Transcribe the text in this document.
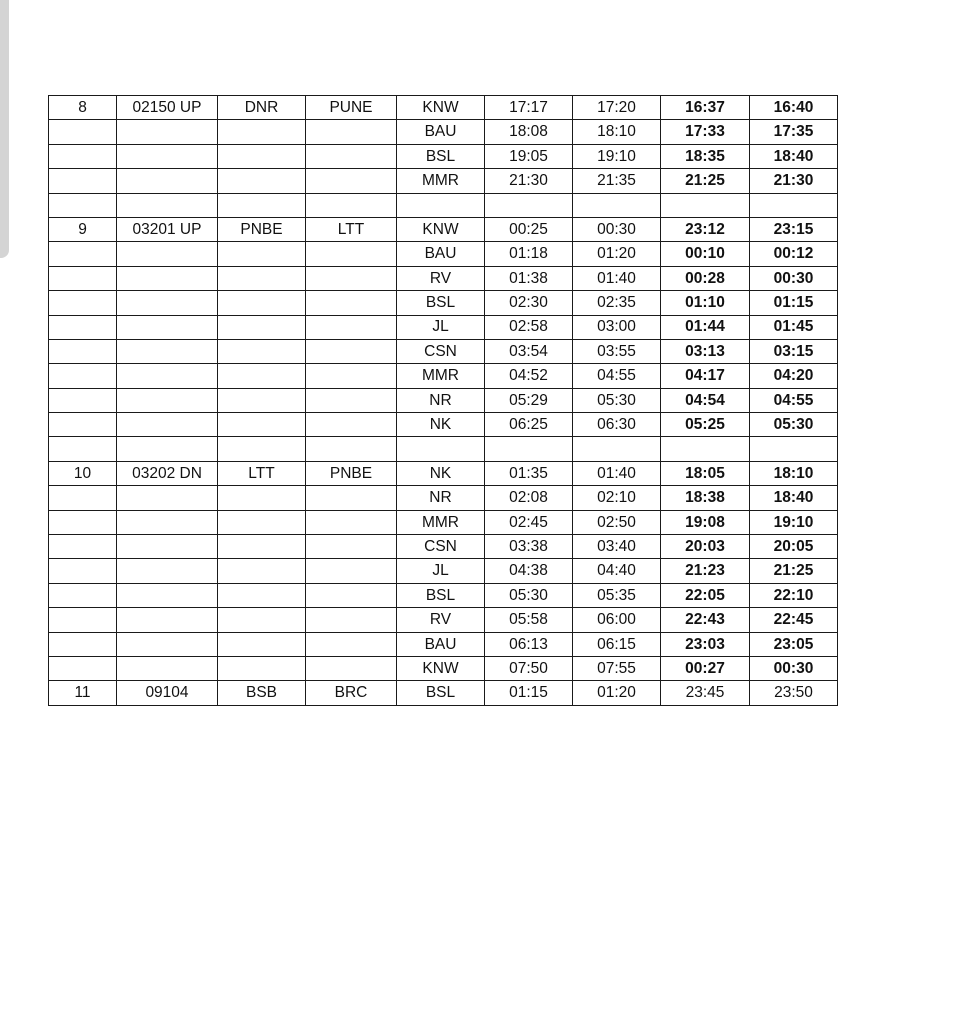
8	02150 UP	DNR	PUNE	KNW	17:17	17:20	16:37	16:40
				BAU	18:08	18:10	17:33	17:35
				BSL	19:05	19:10	18:35	18:40
				MMR	21:30	21:35	21:25	21:30

9	03201 UP	PNBE	LTT	KNW	00:25	00:30	23:12	23:15
				BAU	01:18	01:20	00:10	00:12
				RV	01:38	01:40	00:28	00:30
				BSL	02:30	02:35	01:10	01:15
				JL	02:58	03:00	01:44	01:45
				CSN	03:54	03:55	03:13	03:15
				MMR	04:52	04:55	04:17	04:20
				NR	05:29	05:30	04:54	04:55
				NK	06:25	06:30	05:25	05:30

10	03202 DN	LTT	PNBE	NK	01:35	01:40	18:05	18:10
				NR	02:08	02:10	18:38	18:40
				MMR	02:45	02:50	19:08	19:10
				CSN	03:38	03:40	20:03	20:05
				JL	04:38	04:40	21:23	21:25
				BSL	05:30	05:35	22:05	22:10
				RV	05:58	06:00	22:43	22:45
				BAU	06:13	06:15	23:03	23:05
				KNW	07:50	07:55	00:27	00:30
11	09104	BSB	BRC	BSL	01:15	01:20	23:45	23:50
